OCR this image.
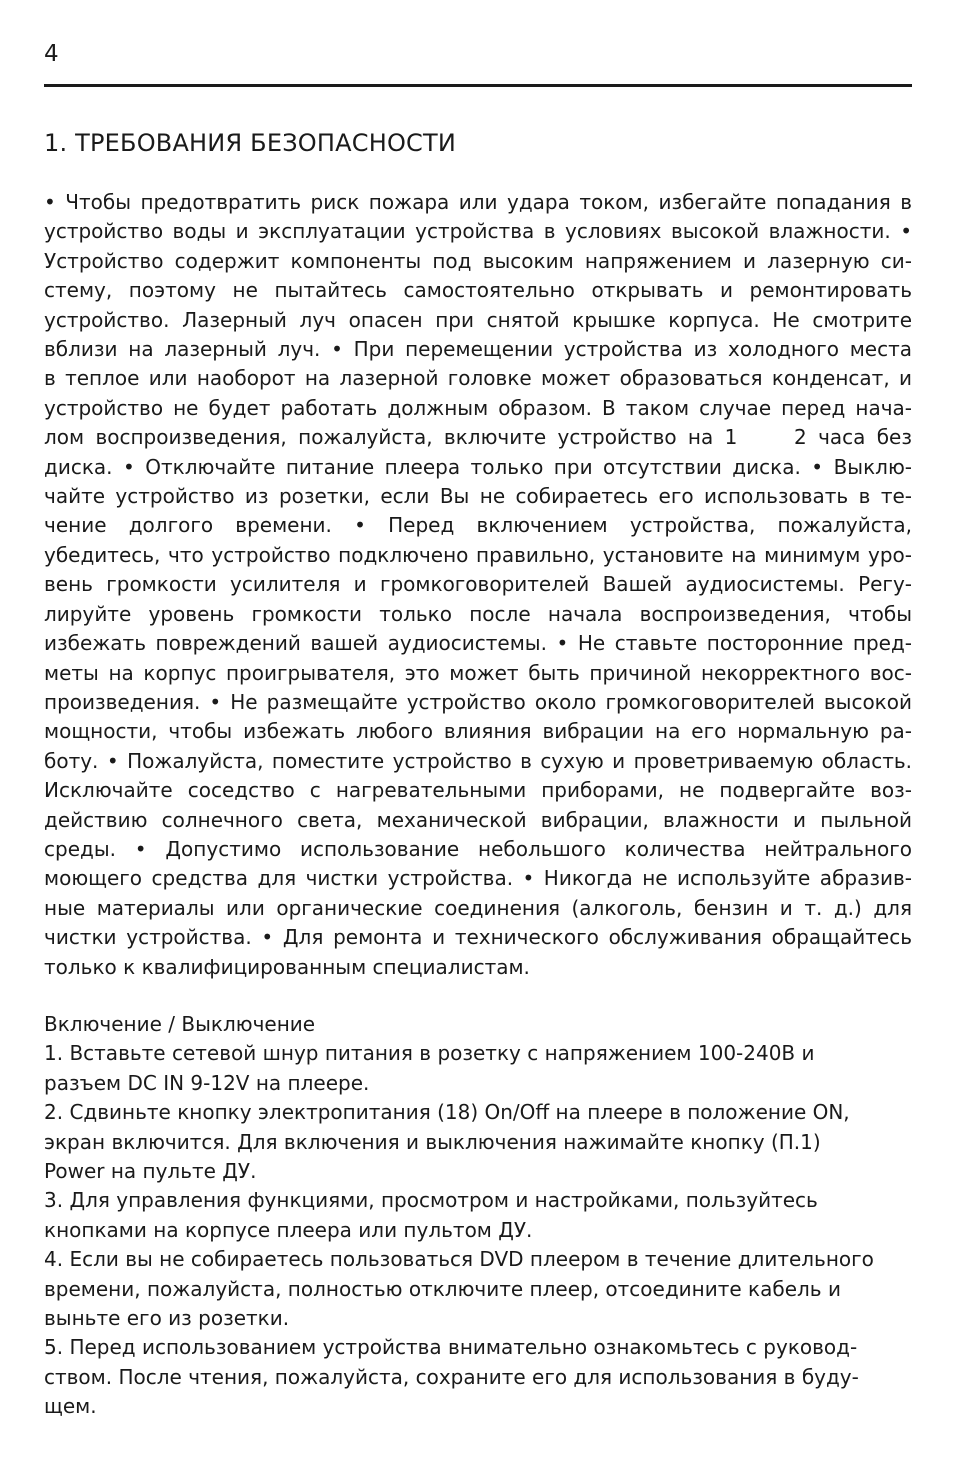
4
1. ТРЕБОВАНИЯ БЕЗОПАСНОСТИ
• Чтобы предотвратить риск пожара или удара током, избегайте попадания в
устройство воды и эксплуатации устройства в условиях высокой влажности. •
Устройство содержит компоненты под высоким напряжением и лазерную си-
стему, поэтому не пытайтесь самостоятельно открывать и ремонтировать
устройство. Лазерный луч опасен при снятой крышке корпуса. Не смотрите
вблизи на лазерный луч. • При перемещении устройства из холодного места
в теплое или наоборот на лазерной головке может образоваться конденсат, и
устройство не будет работать должным образом. В таком случае перед нача-
лом воспроизведения, пожалуйста, включите устройство на 1     2 часа без
диска. • Отключайте питание плеера только при отсутствии диска. • Выклю-
чайте устройство из розетки, если Вы не собираетесь его использовать в те-
чение долгого времени. • Перед включением устройства, пожалуйста,
убедитесь, что устройство подключено правильно, установите на минимум уро-
вень громкости усилителя и громкоговорителей Вашей аудиосистемы. Регу-
лируйте уровень громкости только после начала воспроизведения, чтобы
избежать повреждений вашей аудиосистемы. • Не ставьте посторонние пред-
меты на корпус проигрывателя, это может быть причиной некорректного вос-
произведения. • Не размещайте устройство около громкоговорителей высокой
мощности, чтобы избежать любого влияния вибрации на его нормальную ра-
боту. • Пожалуйста, поместите устройство в сухую и проветриваемую область.
Исключайте соседство с нагревательными приборами, не подвергайте воз-
действию солнечного света, механической вибрации, влажности и пыльной
среды. • Допустимо использование небольшого количества нейтрального
моющего средства для чистки устройства. • Никогда не используйте абразив-
ные материалы или органические соединения (алкоголь, бензин и т. д.) для
чистки устройства. • Для ремонта и технического обслуживания обращайтесь
только к квалифицированным специалистам.
Включение / Выключение
1. Вставьте сетевой шнур питания в розетку с напряжением 100-240В и
разъем DC IN 9-12V на плеере.
2. Сдвиньте кнопку электропитания (18) On/Off на плеере в положение ON,
экран включится. Для включения и выключения нажимайте кнопку (П.1)
Power на пульте ДУ.
3. Для управления функциями, просмотром и настройками, пользуйтесь
кнопками на корпусе плеера или пультом ДУ.
4. Если вы не собираетесь пользоваться DVD плеером в течение длительного
времени, пожалуйста, полностью отключите плеер, отсоедините кабель и
выньте его из розетки.
5. Перед использованием устройства внимательно ознакомьтесь с руковод-
ством. После чтения, пожалуйста, сохраните его для использования в буду-
щем.
